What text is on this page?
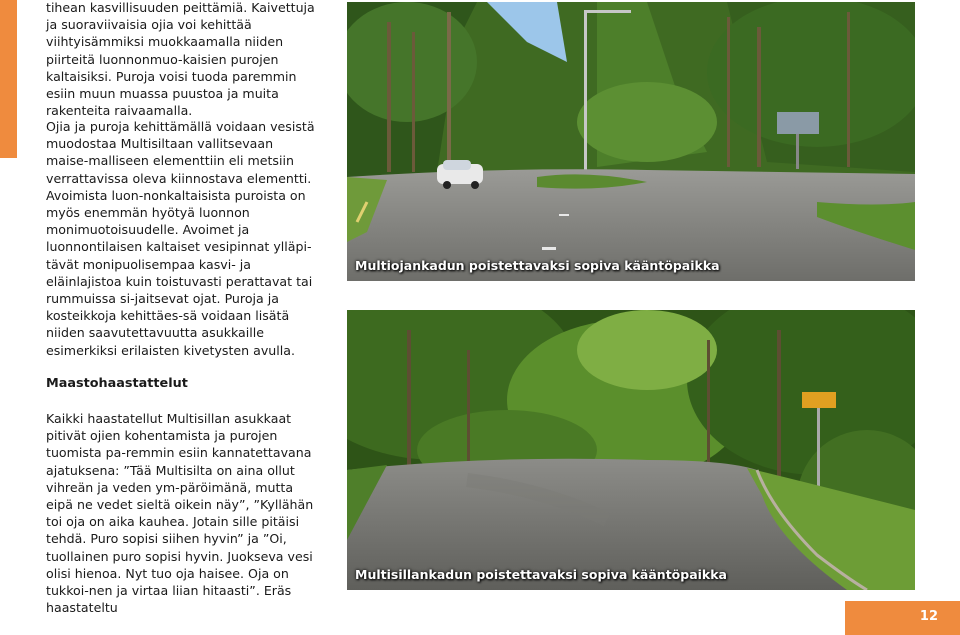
tihean kasvillisuuden peittämiä. Kaivettuja ja suoraviivaisia ojia voi kehittää viihtyisämmiksi muokkaamalla niiden piirteitä luonnonmuo-kaisien purojen kaltaisiksi. Puroja voisi tuoda paremmin esiin muun muassa puustoa ja muita rakenteita raivaamalla.

Ojia ja puroja kehittämällä voidaan vesistä muodostaa Multisiltaan vallitsevaan maise-malliseen elementtiin eli metsiin verrattavissa oleva kiinnostava elementti. Avoimista luon-nonkaltaisista puroista on myös enemmän hyötyä luonnon monimuotoisuudelle. Avoimet ja luonnontilaisen kaltaiset vesipinnat ylläpi-tävät monipuolisempaa kasvi- ja eläinlajistoa kuin toistuvasti perattavat tai rummuissa si-jaitsevat ojat. Puroja ja kosteikkoja kehittäes-sä voidaan lisätä niiden saavutettavuutta asukkaille esimerkiksi erilaisten kivetysten avulla.

Maastohaastattelut

Kaikki haastatellut Multisillan asukkaat pitivät ojien kohentamista ja purojen tuomista pa-remmin esiin kannatettavana ajatuksena: ”Tää Multisilta on aina ollut vihreän ja veden ym-päröimänä, mutta eipä ne vedet sieltä oikein näy”, ”Kyllähän toi oja on aika kauhea. Jotain sille pitäisi tehdä. Puro sopisi siihen hyvin” ja ”Oi, tuollainen puro sopisi hyvin. Juokseva vesi olisi hienoa. Nyt tuo oja haisee. Oja on tukkoi-nen ja virtaa liian hitaasti”. Eräs haastateltu

Multiojankadun poistettavaksi sopiva kääntöpaikka
Multisillankadun poistettavaksi sopiva kääntöpaikka
12
